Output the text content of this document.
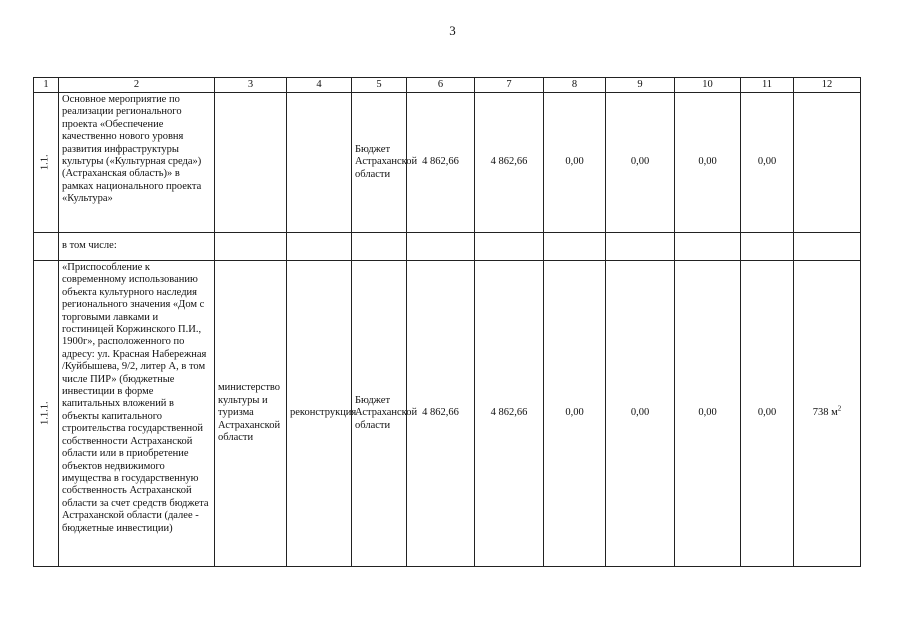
3
1	2	3	4	5	6	7	8	9	10	11	12
1.1.	Основное мероприятие по реализации регионального проекта «Обеспечение качественно нового уровня развития инфраструктуры культуры («Культурная среда») (Астраханская область)» в рамках национального проекта «Культура»			Бюджет Астраханской области	4 862,66	4 862,66	0,00	0,00	0,00	0,00	
	в том числе:										
1.1.1.	«Приспособление к современному использованию объекта культурного наследия регионального значения «Дом с торговыми лавками и гостиницей Коржинского П.И., 1900г», расположенного по адресу: ул. Красная Набережная /Куйбышева, 9/2, литер А, в том числе ПИР» (бюджетные инвестиции в форме капитальных вложений в объекты капитального строительства государственной собственности Астраханской области или в приобретение объектов недвижимого имущества в государственную собственность Астраханской области за счет средств бюджета Астраханской области (далее - бюджетные инвестиции)	министерство культуры и туризма Астраханской области	реконструкция	Бюджет Астраханской области	4 862,66	4 862,66	0,00	0,00	0,00	0,00	738 $м^2$
